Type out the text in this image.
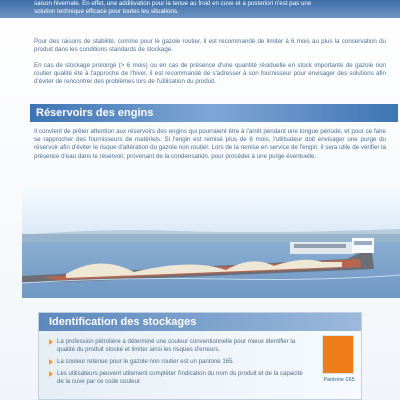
saison hivernale. En effet, une additivation pour la tenue au froid en cuve et a posteriori n'est pas une
solution technique efficace pour toutes les situations.
Pour des raisons de stabilité, comme pour le gazole routier, il est recommandé de limiter à 6 mois au plus la conservation du produit dans les conditions standards de stockage.
En cas de stockage prolongé (> 6 mois) ou en cas de présence d'une quantité résiduelle en stock importante de gazole non routier qualité été à l'approche de l'hiver, il est recommandé de s'adresser à son fournisseur pour envisager des solutions afin d'éviter de rencontrer des problèmes lors de l'utilisation du produit.
Réservoirs des engins
Il convient de prêter attention aux réservoirs des engins qui pourraient être à l'arrêt pendant une longue période, et pour ce faire se rapprocher des fournisseurs de matériels. Si l'engin est remisé plus de 6 mois, l'utilisateur doit envisager une purge du réservoir afin d'éviter le risque d'altération du gazole non routier. Lors de la remise en service de l'engin, il sera utile de vérifier la présence d'eau dans le réservoir, provenant de la condensation, pour procéder à une purge éventuelle.
Identification des stockages
La profession pétrolière a déterminé une couleur conventionnelle pour mieux identifier la qualité du produit stocké et limiter ainsi les risques d'erreurs.
La couleur retenue pour le gazole non routier est un pantone 165.
Les utilisateurs peuvent utilement compléter l'indication du nom du produit et de la capacité de la cuve par ce code couleur.	Pantone 165
